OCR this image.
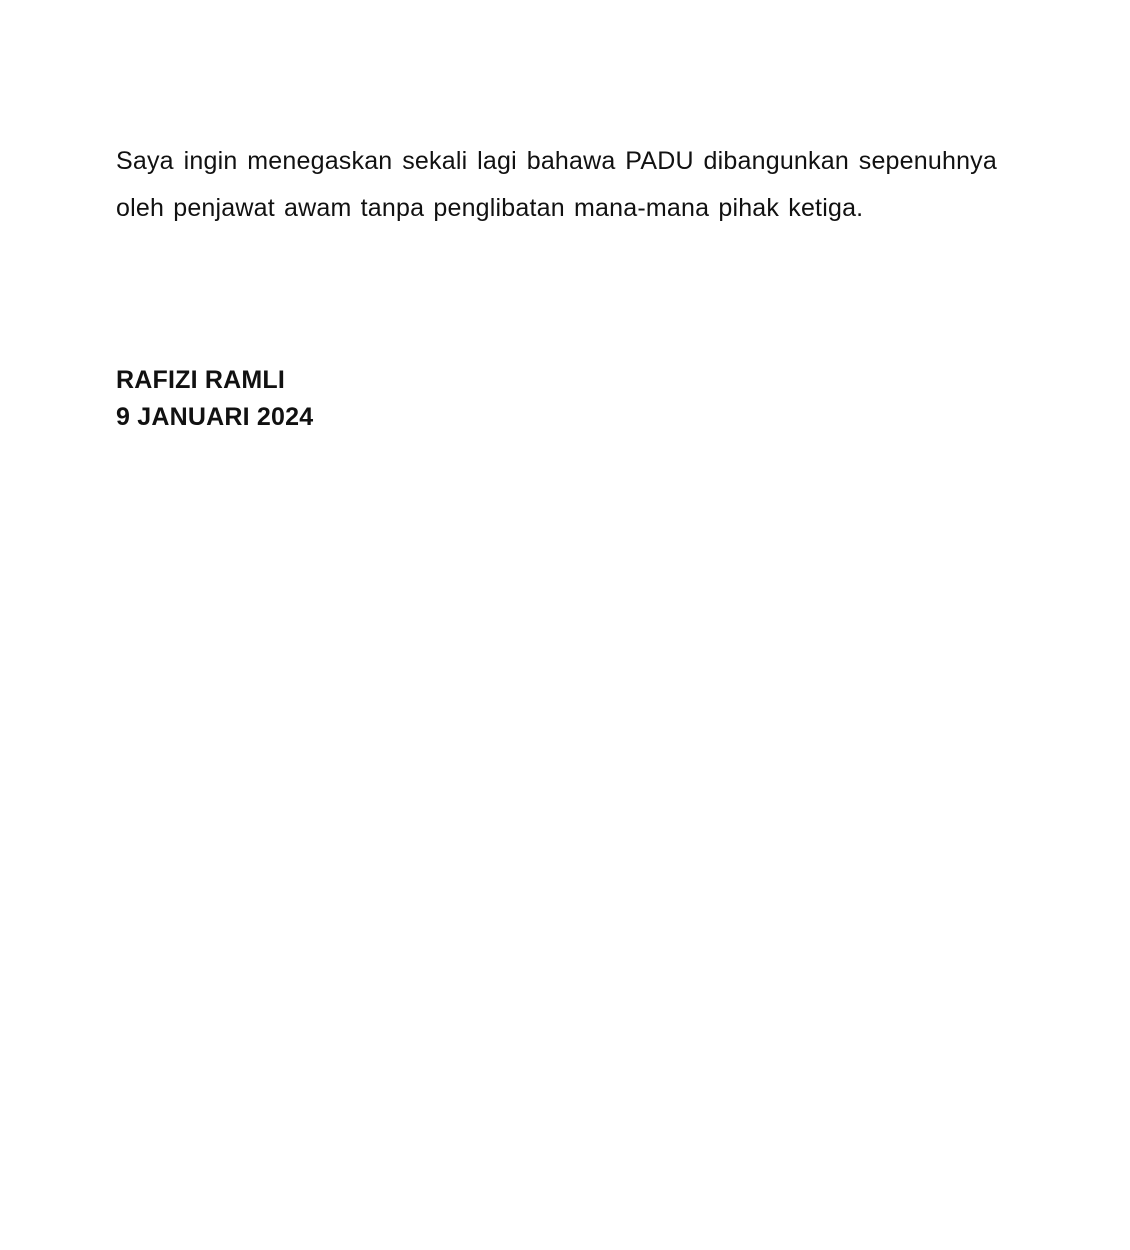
Saya ingin menegaskan sekali lagi bahawa PADU dibangunkan sepenuhnya oleh penjawat awam tanpa penglibatan mana-mana pihak ketiga.

RAFIZI RAMLI
9 JANUARI 2024
